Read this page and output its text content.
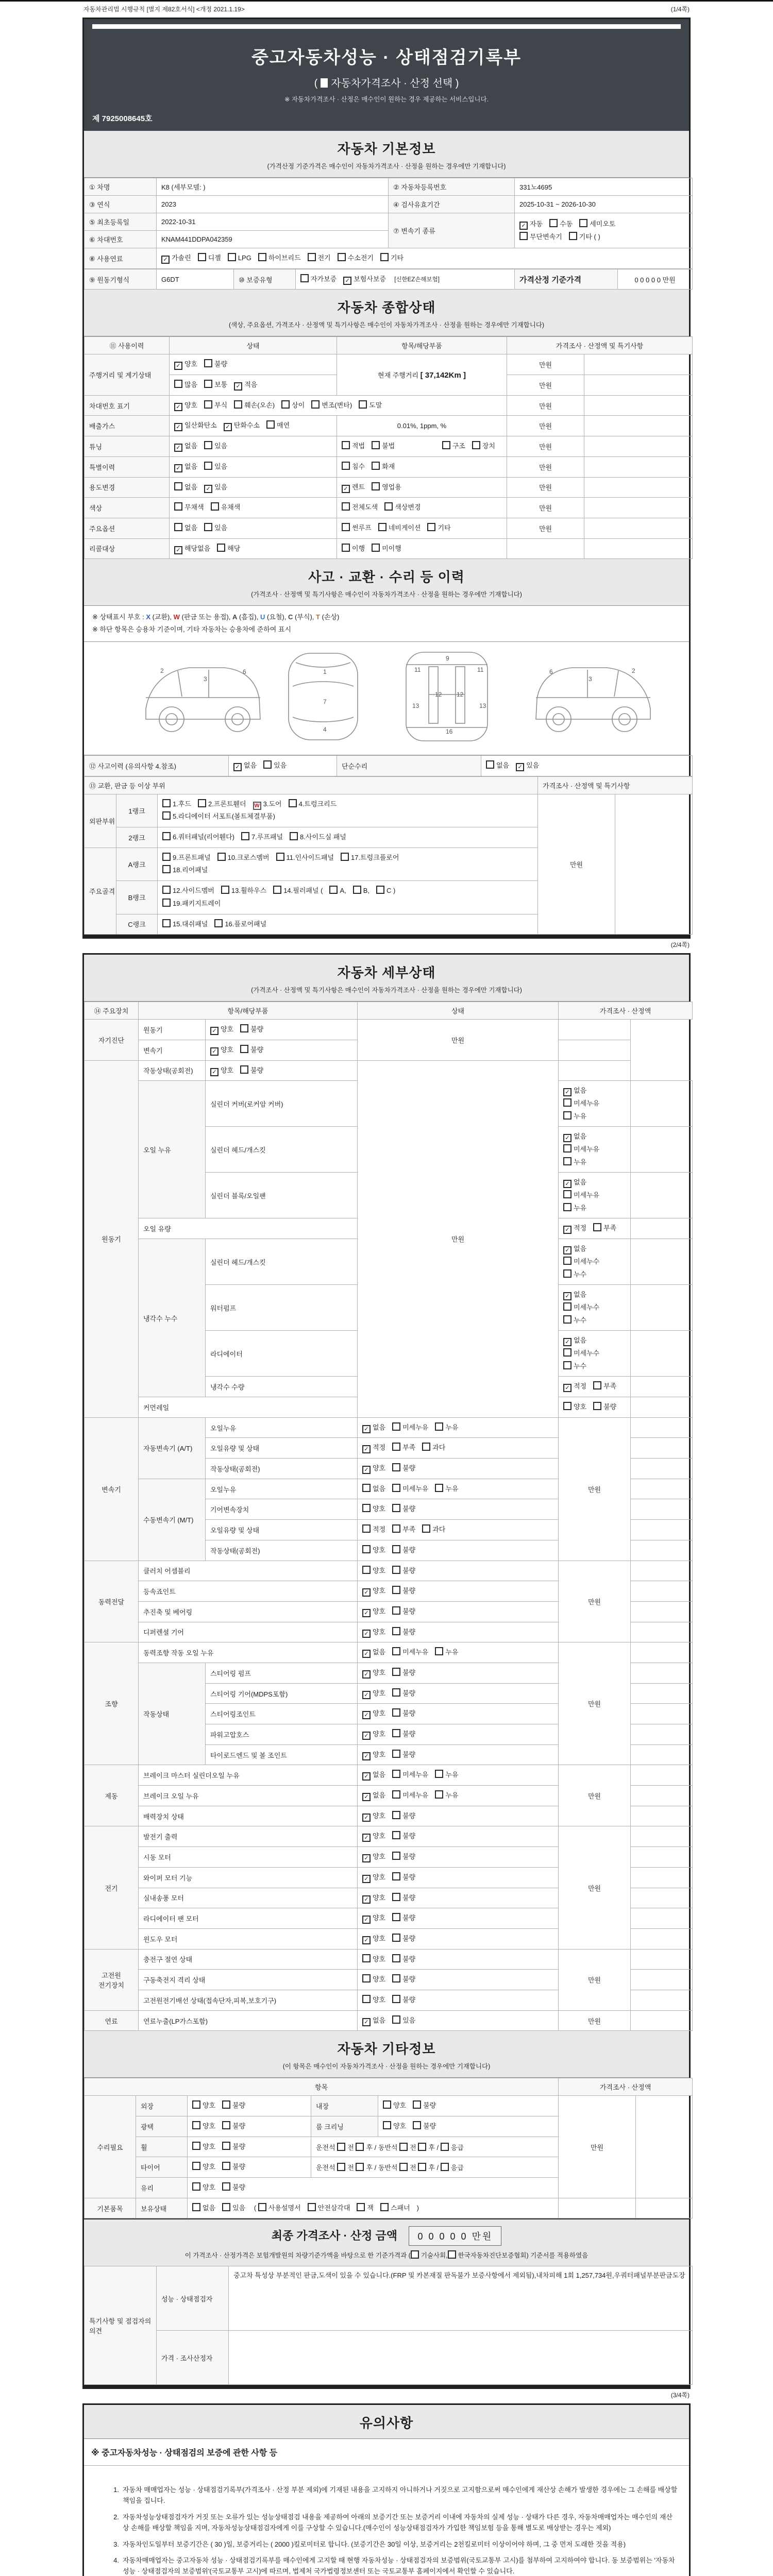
자동차관리법 시행규칙 [별지 제82호서식] <개정 2021.1.19>	(1/4쪽)
중고자동차성능 · 상태점검기록부
( 자동차가격조사 · 산정 선택 )
※ 자동차가격조사 · 산정은 매수인이 원하는 경우 제공하는 서비스입니다.
제 7925008645호
자동차 기본정보
(가격산정 기준가격은 매수인이 자동차가격조사 · 산정을 원하는 경우에만 기재합니다)
① 차명	K8 (세부모델: )	② 자동차등록번호	331노4695
③ 연식	2023	④ 검사유효기간	2025-10-31 ~ 2026-10-30
⑤ 최초등록일	2022-10-31	⑦ 변속기 종류	✓ 자동 수동 세미오토
무단변속기 기타 ( )
⑥ 차대번호	KNAM441DDPA042359		
⑧ 사용연료	✓ 가솔린 디젤 LPG 하이브리드 전기 수소전기 기타		
⑨ 원동기형식	G6DT	⑩ 보증유형	자가보증 ✓ 보험사보증 [신한EZ손해보험]	가격산정 기준가격	0 0 0 0 0 만원
자동차 종합상태
(색상, 주요옵션, 가격조사 · 산정액 및 특기사항은 매수인이 자동차가격조사 · 산정을 원하는 경우에만 기재합니다)
⑪ 사용이력	상태	항목/해당부품	가격조사 · 산정액 및 특기사항	
주행거리 및 계기상태	✓ 양호 불량	현재 주행거리 [ 37,142Km ]	만원	
	많음 보통 ✓ 적음		만원	
차대번호 표기	✓ 양호 부식 훼손(오손) 상이 변조(변타) 도말		만원	
배출가스	✓ 일산화탄소 ✓ 탄화수소 매연	0.01%, 1ppm, %	만원	
튜닝	✓ 없음 있음	적법 불법 구조 장치	만원	
특별이력	✓ 없음 있음	침수 화재	만원	
용도변경	없음 ✓ 있음	✓ 렌트 영업용	만원	
색상	무채색 유채색	전체도색 색상변경	만원	
주요옵션	없음 있음	썬루프 네비게이션 기타	만원	
리콜대상	✓ 해당없음 해당	이행 미이행		
사고 · 교환 · 수리 등 이력
(가격조사 · 산정액 및 특기사항은 매수인이 자동차가격조사 · 산정을 원하는 경우에만 기재합니다)
※ 상태표시 부호 : X (교환), W (판금 또는 용접), A (흠집), U (요철), C (부식), T (손상)
※ 하단 항목은 승용차 기준이며, 기타 자동차는 승용차에 준하여 표시
2
3
6	1
7
4
11	11
9
13	13
12 12
16
2
3
6
⑫ 사고이력 (유의사항 4.참조)	✓ 없음	있음	단순수리	없음 ✓ 있음
⑬ 교환, 판금 등 이상 부위			가격조사 · 산정액 및 특기사항	
외판부위	1랭크	1.후드 2.프론트휀더 W 3.도어 4.트렁크리드
5.라디에이터 서포트(볼트체결부품)	만원	
	2랭크	6.쿼터패널(리어휀다) 7.루프패널 8.사이드실 패널		
주요골격	A랭크	9.프론트패널 10.크로스멤버 11.인사이드패널 17.트렁크플로어
18.리어패널		
	B랭크	12.사이드멤버 13.휠하우스 14.필러패널 ( A, B, C )
19.패키지트레이		
	C랭크	15.대쉬패널 16.플로어패널		
(2/4쪽)
자동차 세부상태
(가격조사 · 산정액 및 특기사항은 매수인이 자동차가격조사 · 산정을 원하는 경우에만 기재합니다)
⑭ 주요장치	항목/해당부품		상태	가격조사 · 산정액	
자기진단	원동기	✓ 양호 불량	만원		
	변속기	✓ 양호 불량			
원동기	작동상태(공회전)	✓ 양호 불량	만원		
	오일 누유	실린더 커버(로커암 커버)		✓ 없음미세누유누유	
		실린더 헤드/개스킷		✓ 없음미세누유누유	
		실린더 블록/오일팬		✓ 없음미세누유누유	
	오일 유량			✓ 적정 부족	
	냉각수 누수	실린더 헤드/개스킷		✓ 없음미세누수누수	
		워터펌프		✓ 없음미세누수누수	
		라디에이터		✓ 없음미세누수누수	
		냉각수 수량		✓ 적정 부족	
	커먼레일			양호 불량	
변속기	자동변속기 (A/T)	오일누유	✓ 없음 미세누유 누유	만원	
		오일유량 및 상태	✓ 적정 부족 과다		
		작동상태(공회전)	✓ 양호 불량		
	수동변속기 (M/T)	오일누유	없음 미세누유 누유		
		기어변속장치	양호 불량		
		오일유량 및 상태	적정 부족 과다		
		작동상태(공회전)	양호 불량		
동력전달	클러치 어셈블리		양호 불량	만원	
	등속죠인트		✓ 양호 불량		
	추진축 및 베어링		✓ 양호 불량		
	디퍼렌셜 기어		✓ 양호 불량		
조향	동력조향 작동 오일 누유		✓ 없음 미세누유 누유	만원	
	작동상태	스티어링 펌프	✓ 양호 불량		
		스티어링 기어(MDPS포함)	✓ 양호 불량		
		스티어링조인트	✓ 양호 불량		
		파워고압호스	✓ 양호 불량		
		타이로드엔드 및 볼 조인트	✓ 양호 불량		
제동	브레이크 마스터 실린더오일 누유		✓ 없음 미세누유 누유	만원	
	브레이크 오일 누유		✓ 없음 미세누유 누유		
	배력장치 상태		✓ 양호 불량		
전기	발전기 출력		✓ 양호 불량	만원	
	시동 모터		✓ 양호 불량		
	와이퍼 모터 기능		✓ 양호 불량		
	실내송풍 모터		✓ 양호 불량		
	라디에이터 팬 모터		✓ 양호 불량		
	윈도우 모터		✓ 양호 불량		
고전원 전기장치	충전구 절연 상태		양호 불량	만원	
	구동축전지 격리 상태		양호 불량		
	고전원전기배선 상태(접속단자,피복,보호기구)		양호 불량		
연료	연료누출(LP가스포함)		✓ 없음 있음	만원	
자동차 기타정보
(이 항목은 매수인이 자동차가격조사 · 산정을 원하는 경우에만 기재합니다)
항목					가격조사 · 산정액	
수리필요	외장	양호 불량	내장	양호 불량	만원	
	광택	양호 불량	룸 크리닝	양호 불량		
	휠	양호 불량	운전석 전 후 / 동반석 전 후 / 응급			
	타이어	양호 불량	운전석 전 후 / 동반석 전 후 / 응급			
	유리	양호 불량				
기본품목	보유상태	없음 있음 ( 사용설명서 안전삼각대 잭 스패너 )				
최종 가격조사 · 산정 금액 0 0 0 0 0 만원
이 가격조사 · 산정가격은 보험개발원의 차량기준가액을 바탕으로 한 기준가격과 ( 기술사회, 한국자동차진단보증협회) 기준서를 적용하였음
특기사항 및 점검자의 의견	성능 · 상태점검자	중고차 특성상 부분적인 판금,도색이 있을 수 있습니다.(FRP 및 카본재질 판독불가 보증사항에서 제외됨),내차피해 1회 1,257,734원,우쿼터패널부분판금도장
	가격 · 조사산정자	
(3/4쪽)
유의사항
※ 중고자동차성능 · 상태점검의 보증에 관한 사항 등
1. 자동차 매매업자는 성능 · 상태점검기록부(가격조사 · 산정 부분 제외)에 기재된 내용을 고지하지 아니하거나 거짓으로 고지함으로써 매수인에게 재산상 손해가 발생한 경우에는 그 손해를 배상할 책임을 집니다.
2. 자동차성능상태점검자가 거짓 또는 오류가 있는 성능상태점검 내용을 제공하여 아래의 보증기간 또는 보증거리 이내에 자동차의 실제 성능 · 상태가 다른 경우, 자동차매매업자는 매수인의 재산상 손해를 배상할 책임을 지며, 자동차성능상태점검자에게 이를 구상할 수 있습니다.(매수인이 성능상태점검자가 가입한 책임보험 등을 통해 별도로 배상받는 경우는 제외)
3. 자동차인도일부터 보증기간은 ( 30 )일, 보증거리는 ( 2000 )킬로미터로 합니다. (보증기간은 30일 이상, 보증거리는 2천킬로미터 이상이어야 하며, 그 중 먼저 도래한 것을 적용)
4. 자동차매매업자는 중고자동차 성능 · 상태점검기록부를 매수인에게 고지할 때 현행 자동차성능 · 상태점검자의 보증범위(국토교통부 고시)를 첨부하여 고지하여야 합니다. 동 보증범위는 '자동차성능 · 상태점검자의 보증범위'(국토교통부 고시)에 따르며, 법제처 국가법령정보센터 또는 국토교통부 홈페이지에서 확인할 수 있습니다.
